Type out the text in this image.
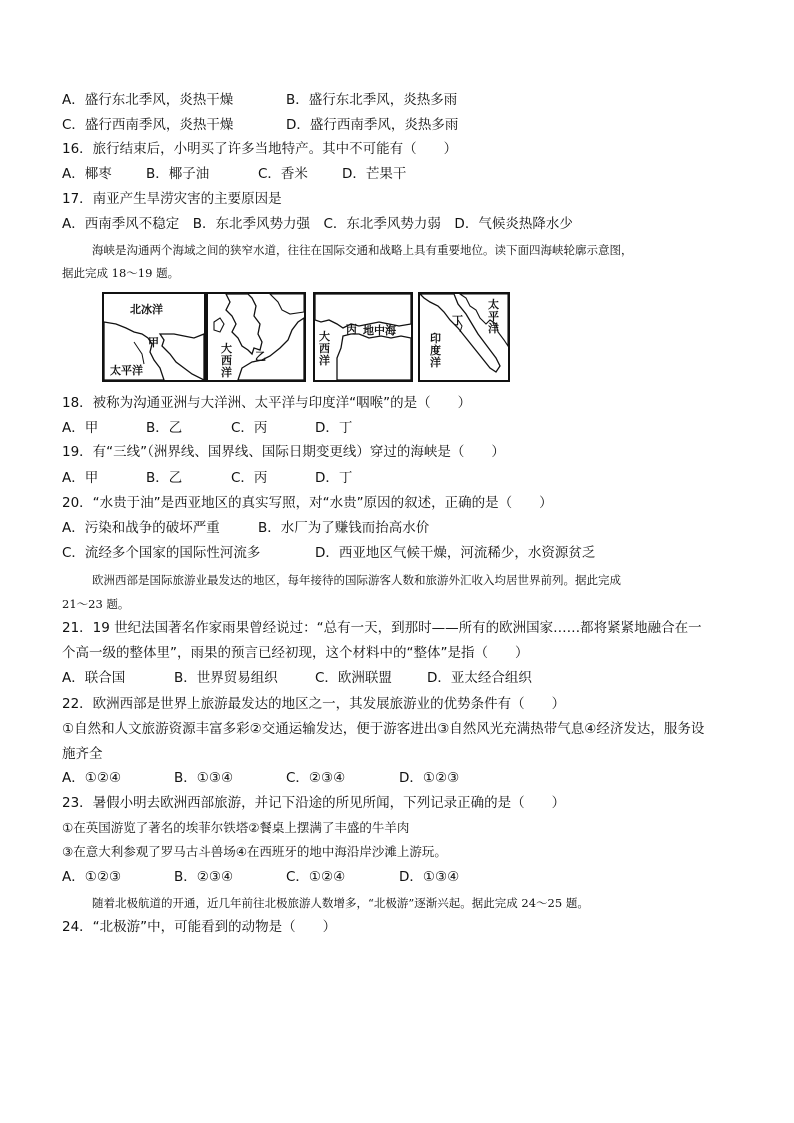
A．盛行东北季风，炎热干燥	B．盛行东北季风，炎热多雨
C．盛行西南季风，炎热干燥	D．盛行西南季风，炎热多雨
16．旅行结束后，小明买了许多当地特产。其中不可能有（　　）
A．椰枣	B．椰子油	C．香米	D．芒果干
17．南亚产生旱涝灾害的主要原因是
A．西南季风不稳定　B．东北季风势力强　C．东北季风势力弱　D．气候炎热降水少
海峡是沟通两个海域之间的狭窄水道，往往在国际交通和战略上具有重要地位。读下面四海峡轮廓示意图，
据此完成 18～19 题。
北冰洋
甲
太平洋
乙
大
西
洋
丙 地中海
大
西
洋
丁
太
平
洋
印
度
洋
18．被称为沟通亚洲与大洋洲、太平洋与印度洋“咽喉”的是（　　）
A．甲	B．乙	C．丙	D．丁
19．有“三线”（洲界线、国界线、国际日期变更线）穿过的海峡是（　　）
A．甲	B．乙	C．丙	D．丁
20．“水贵于油”是西亚地区的真实写照，对“水贵”原因的叙述，正确的是（　　）
A．污染和战争的破坏严重	B．水厂为了赚钱而抬高水价
C．流经多个国家的国际性河流多	D．西亚地区气候干燥，河流稀少，水资源贫乏
欧洲西部是国际旅游业最发达的地区，每年接待的国际游客人数和旅游外汇收入均居世界前列。据此完成
21～23 题。
21．19 世纪法国著名作家雨果曾经说过：“总有一天，到那时——所有的欧洲国家……都将紧紧地融合在一
个高一级的整体里”，雨果的预言已经初现，这个材料中的“整体”是指（　　）
A．联合国	B．世界贸易组织	C．欧洲联盟	D．亚太经合组织
22．欧洲西部是世界上旅游最发达的地区之一，其发展旅游业的优势条件有（　　）
①自然和人文旅游资源丰富多彩②交通运输发达，便于游客进出③自然风光充满热带气息④经济发达，服务设
施齐全
A．①②④	B．①③④	C．②③④	D．①②③
23．暑假小明去欧洲西部旅游，并记下沿途的所见所闻，下列记录正确的是（　　）
①在英国游览了著名的埃菲尔铁塔②餐桌上摆满了丰盛的牛羊肉
③在意大利参观了罗马古斗兽场④在西班牙的地中海沿岸沙滩上游玩。
A．①②③	B．②③④	C．①②④	D．①③④
随着北极航道的开通，近几年前往北极旅游人数增多，“北极游”逐渐兴起。据此完成 24～25 题。
24．“北极游”中，可能看到的动物是（　　）
